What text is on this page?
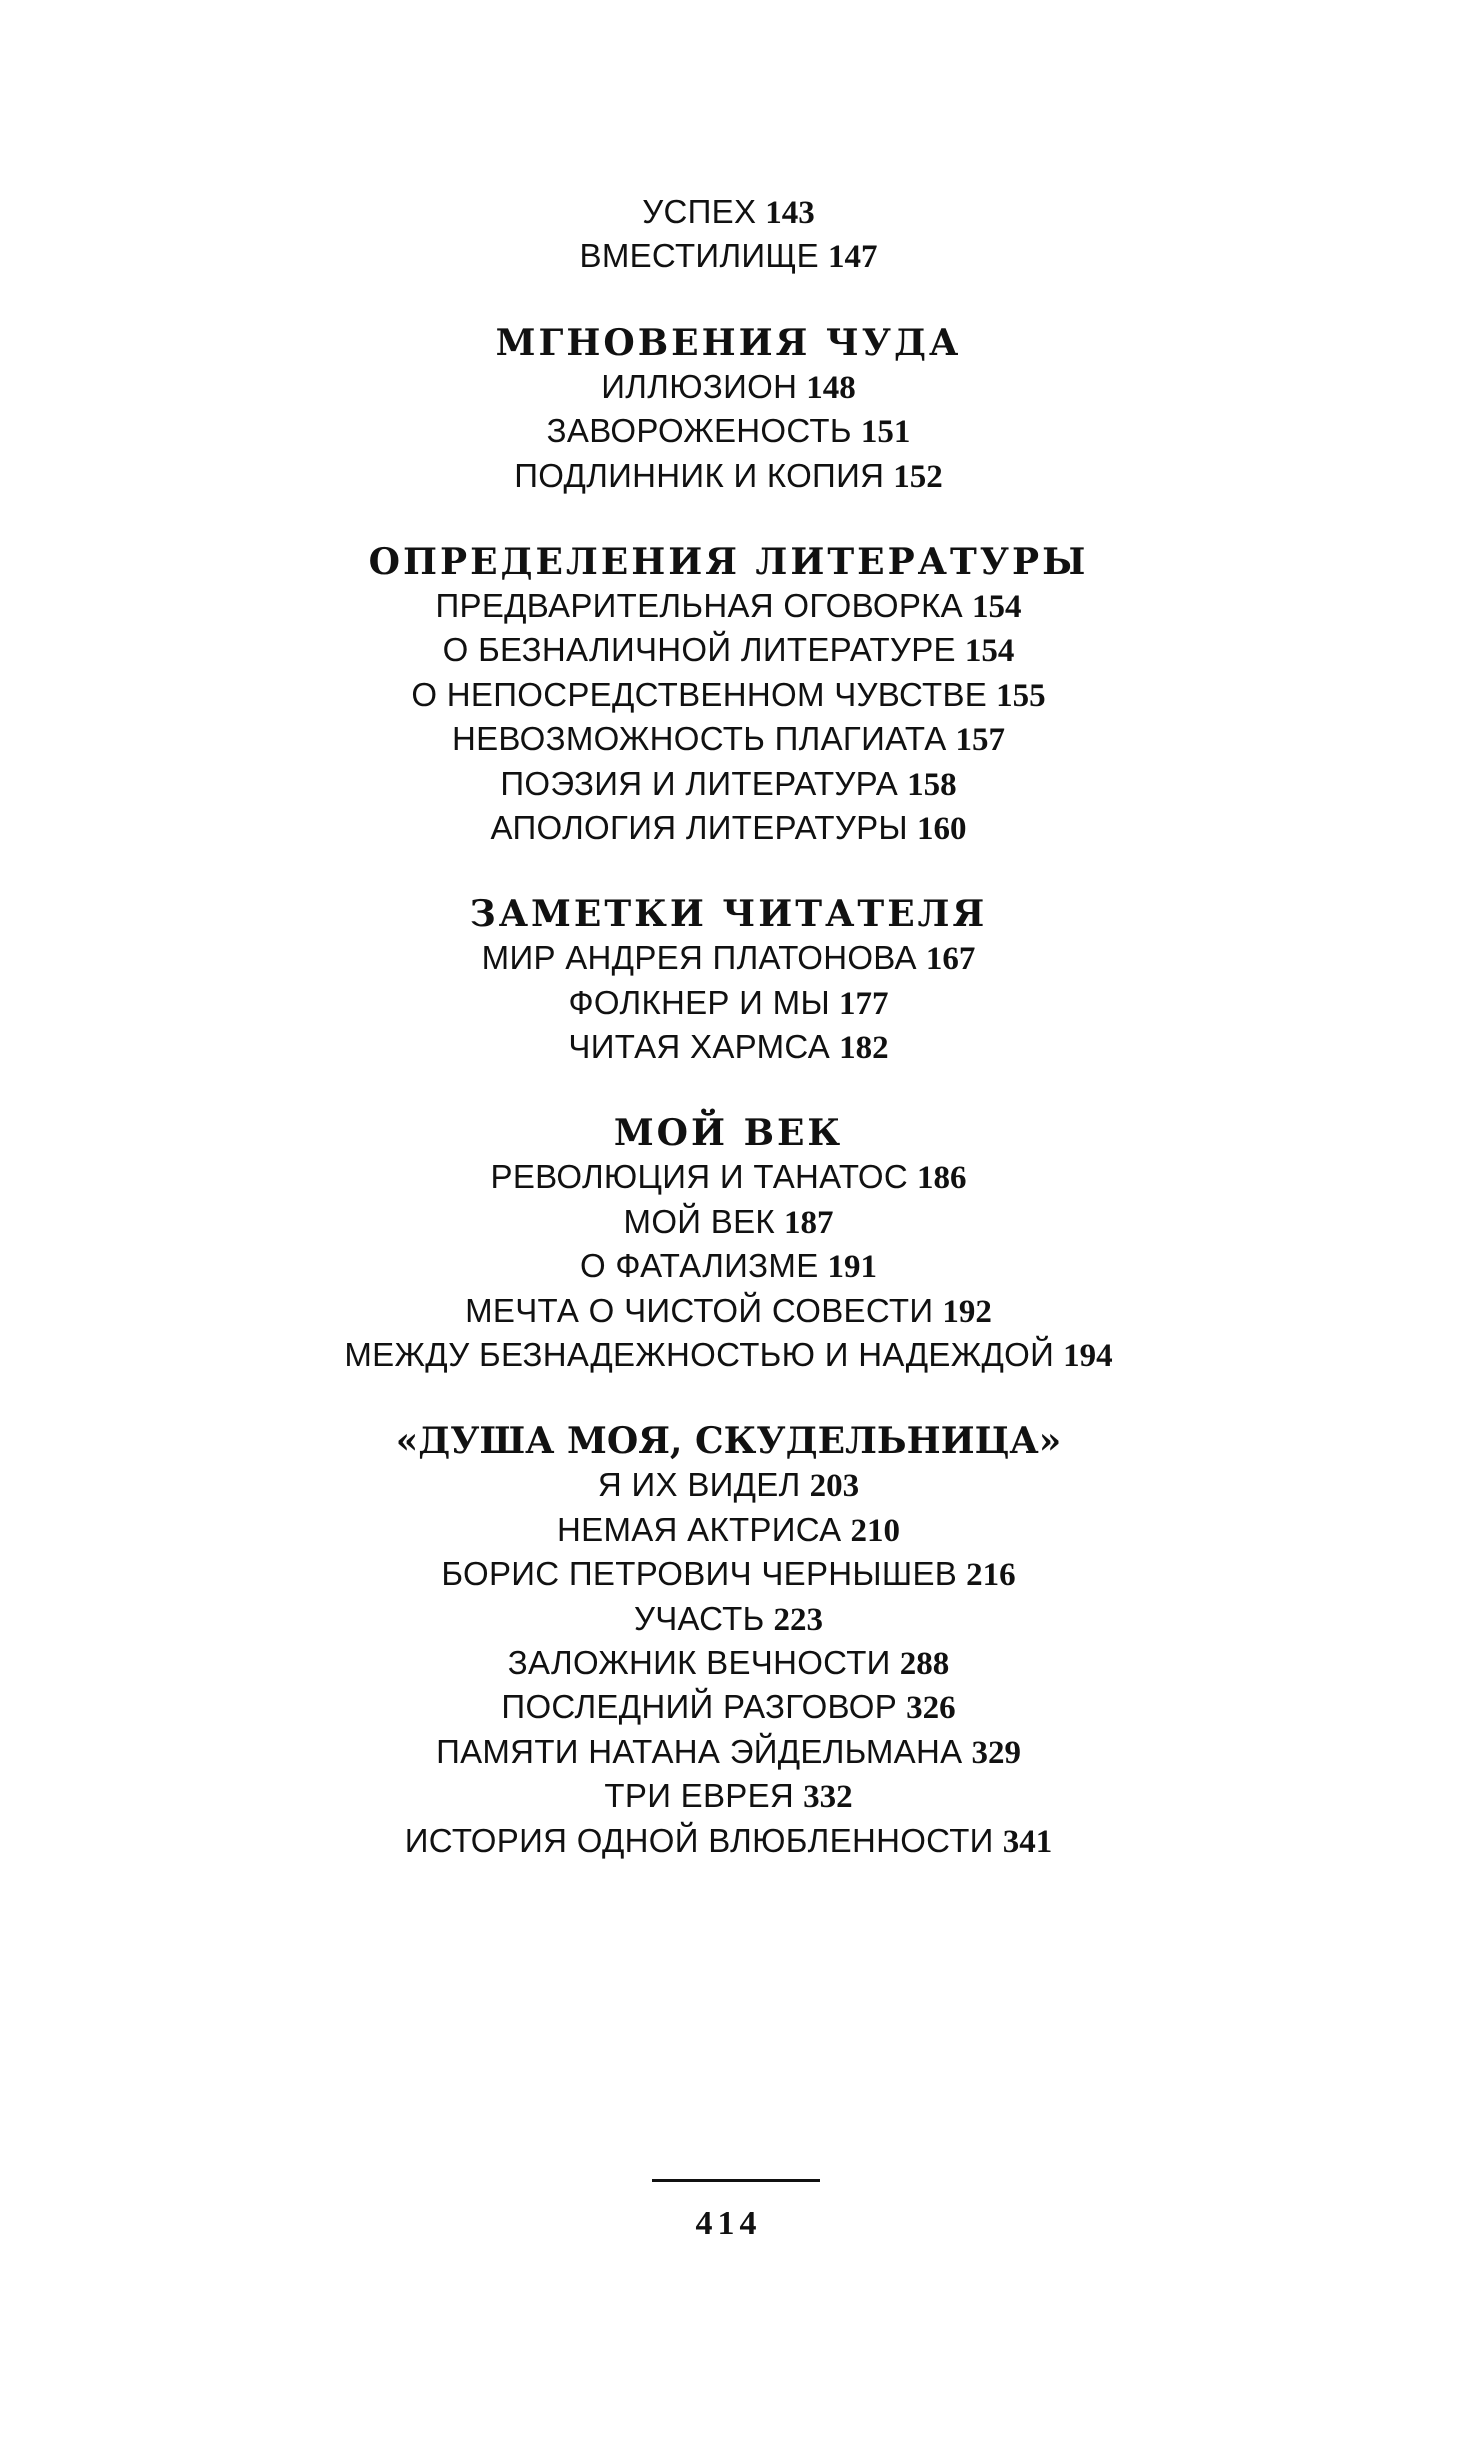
УСПЕХ 143
ВМЕСТИЛИЩЕ 147
МГНОВЕНИЯ ЧУДА
ИЛЛЮЗИОН 148
ЗАВОРОЖЕНОСТЬ 151
ПОДЛИННИК И КОПИЯ 152
ОПРЕДЕЛЕНИЯ ЛИТЕРАТУРЫ
ПРЕДВАРИТЕЛЬНАЯ ОГОВОРКА 154
О БЕЗНАЛИЧНОЙ ЛИТЕРАТУРЕ 154
О НЕПОСРЕДСТВЕННОМ ЧУВСТВЕ 155
НЕВОЗМОЖНОСТЬ ПЛАГИАТА 157
ПОЭЗИЯ И ЛИТЕРАТУРА 158
АПОЛОГИЯ ЛИТЕРАТУРЫ 160
ЗАМЕТКИ ЧИТАТЕЛЯ
МИР АНДРЕЯ ПЛАТОНОВА 167
ФОЛКНЕР И МЫ 177
ЧИТАЯ ХАРМСА 182
МОЙ ВЕК
РЕВОЛЮЦИЯ И ТАНАТОС 186
МОЙ ВЕК 187
О ФАТАЛИЗМЕ 191
МЕЧТА О ЧИСТОЙ СОВЕСТИ 192
МЕЖДУ БЕЗНАДЕЖНОСТЬЮ И НАДЕЖДОЙ 194
«ДУША МОЯ, СКУДЕЛЬНИЦА»
Я ИХ ВИДЕЛ 203
НЕМАЯ АКТРИСА 210
БОРИС ПЕТРОВИЧ ЧЕРНЫШЕВ 216
УЧАСТЬ 223
ЗАЛОЖНИК ВЕЧНОСТИ 288
ПОСЛЕДНИЙ РАЗГОВОР 326
ПАМЯТИ НАТАНА ЭЙДЕЛЬМАНА 329
ТРИ ЕВРЕЯ 332
ИСТОРИЯ ОДНОЙ ВЛЮБЛЕННОСТИ 341
414
